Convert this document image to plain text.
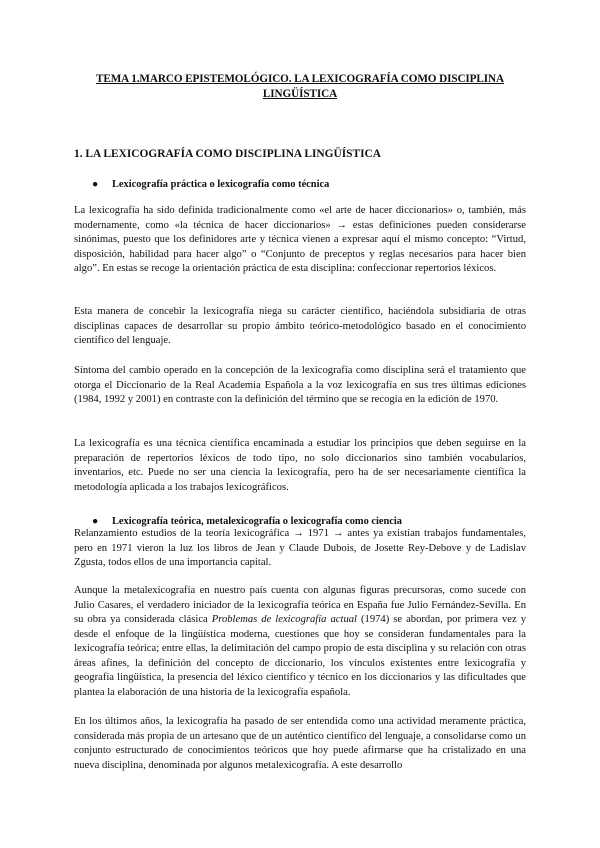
TEMA 1.MARCO EPISTEMOLÓGICO. LA LEXICOGRAFÍA COMO DISCIPLINA LINGÜÍSTICA
1. LA LEXICOGRAFÍA COMO DISCIPLINA LINGÜÍSTICA
● Lexicografía práctica o lexicografía como técnica

La lexicografía ha sido definida tradicionalmente como «el arte de hacer diccionarios» o, también, más modernamente, como «la técnica de hacer diccionarios» → estas definiciones pueden considerarse sinónimas, puesto que los definidores arte y técnica vienen a expresar aquí el mismo concepto: “Virtud, disposición, habilidad para hacer algo” o “Conjunto de preceptos y reglas necesarios para hacer bien algo”. En estas se recoge la orientación práctica de esta disciplina: confeccionar repertorios léxicos.

Esta manera de concebir la lexicografía niega su carácter científico, haciéndola subsidiaria de otras disciplinas capaces de desarrollar su propio ámbito teórico-metodológico basado en el conocimiento científico del lenguaje.

Síntoma del cambio operado en la concepción de la lexicografía como disciplina será el tratamiento que otorga el Diccionario de la Real Academia Española a la voz lexicografía en sus tres últimas ediciones (1984, 1992 y 2001) en contraste con la definición del término que se recogía en la edición de 1970.

La lexicografía es una técnica científica encaminada a estudiar los principios que deben seguirse en la preparación de repertorios léxicos de todo tipo, no solo diccionarios sino también vocabularios, inventarios, etc. Puede no ser una ciencia la lexicografía, pero ha de ser necesariamente científica la metodología aplicada a los trabajos lexicográficos.

● Lexicografía teórica, metalexicografía o lexicografía como ciencia

Relanzamiento estudios de la teoría lexicográfica → 1971 → antes ya existían trabajos fundamentales, pero en 1971 vieron la luz los libros de Jean y Claude Dubois, de Josette Rey-Debove y de Ladislav Zgusta, todos ellos de una importancia capital.

Aunque la metalexicografía en nuestro país cuenta con algunas figuras precursoras, como sucede con Julio Casares, el verdadero iniciador de la lexicografía teórica en España fue Julio Fernández-Sevilla. En su obra ya considerada clásica Problemas de lexicografía actual (1974) se abordan, por primera vez y desde el enfoque de la lingüística moderna, cuestiones que hoy se consideran fundamentales para la lexicografía teórica; entre ellas, la delimitación del campo propio de esta disciplina y su relación con otras áreas afines, la definición del concepto de diccionario, los vínculos existentes entre lexicografía y geografía lingüística, la presencia del léxico científico y técnico en los diccionarios y las dificultades que plantea la elaboración de una historia de la lexicografía española.

En los últimos años, la lexicografía ha pasado de ser entendida como una actividad meramente práctica, considerada más propia de un artesano que de un auténtico científico del lenguaje, a consolidarse como un conjunto estructurado de conocimientos teóricos que hoy puede afirmarse que ha cristalizado en una nueva disciplina, denominada por algunos metalexicografía. A este desarrollo
